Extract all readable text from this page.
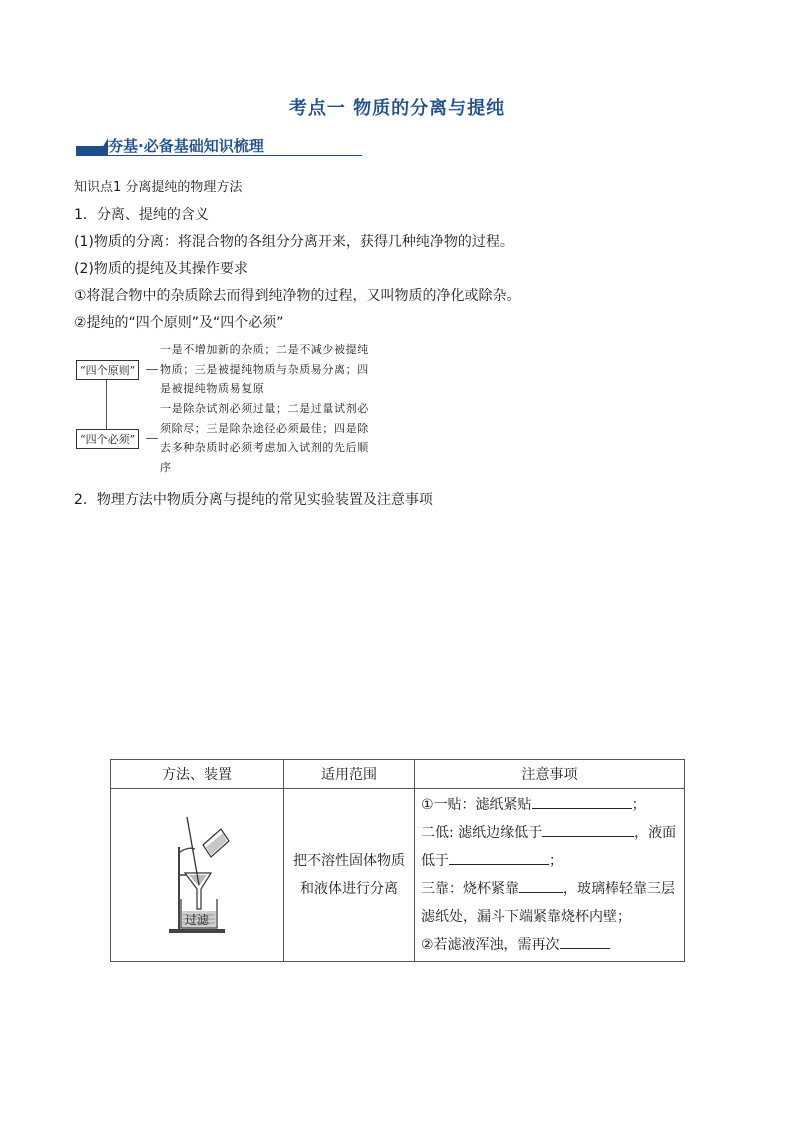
考点一 物质的分离与提纯
夯基·必备基础知识梳理
知识点1 分离提纯的物理方法
1．分离、提纯的含义
(1)物质的分离：将混合物的各组分分离开来，获得几种纯净物的过程。
(2)物质的提纯及其操作要求
①将混合物中的杂质除去而得到纯净物的过程，又叫物质的净化或除杂。
②提纯的“四个原则”及“四个必须”
“四个原则”
一是不增加新的杂质；二是不减少被提纯物质；三是被提纯物质与杂质易分离；四是被提纯物质易复原
“四个必须”
一是除杂试剂必须过量；二是过量试剂必须除尽；三是除杂途径必须最佳；四是除去多种杂质时必须考虑加入试剂的先后顺序
2．物理方法中物质分离与提纯的常见实验装置及注意事项
方法、装置	适用范围	注意事项

过滤	把不溶性固体物质和液体进行分离	①一贴：滤纸紧贴 ；
二低: 滤纸边缘低于 ，液面低于 ；
三靠：烧杯紧靠 ，玻璃棒轻靠三层滤纸处，漏斗下端紧靠烧杯内壁；
②若滤液浑浊，需再次
